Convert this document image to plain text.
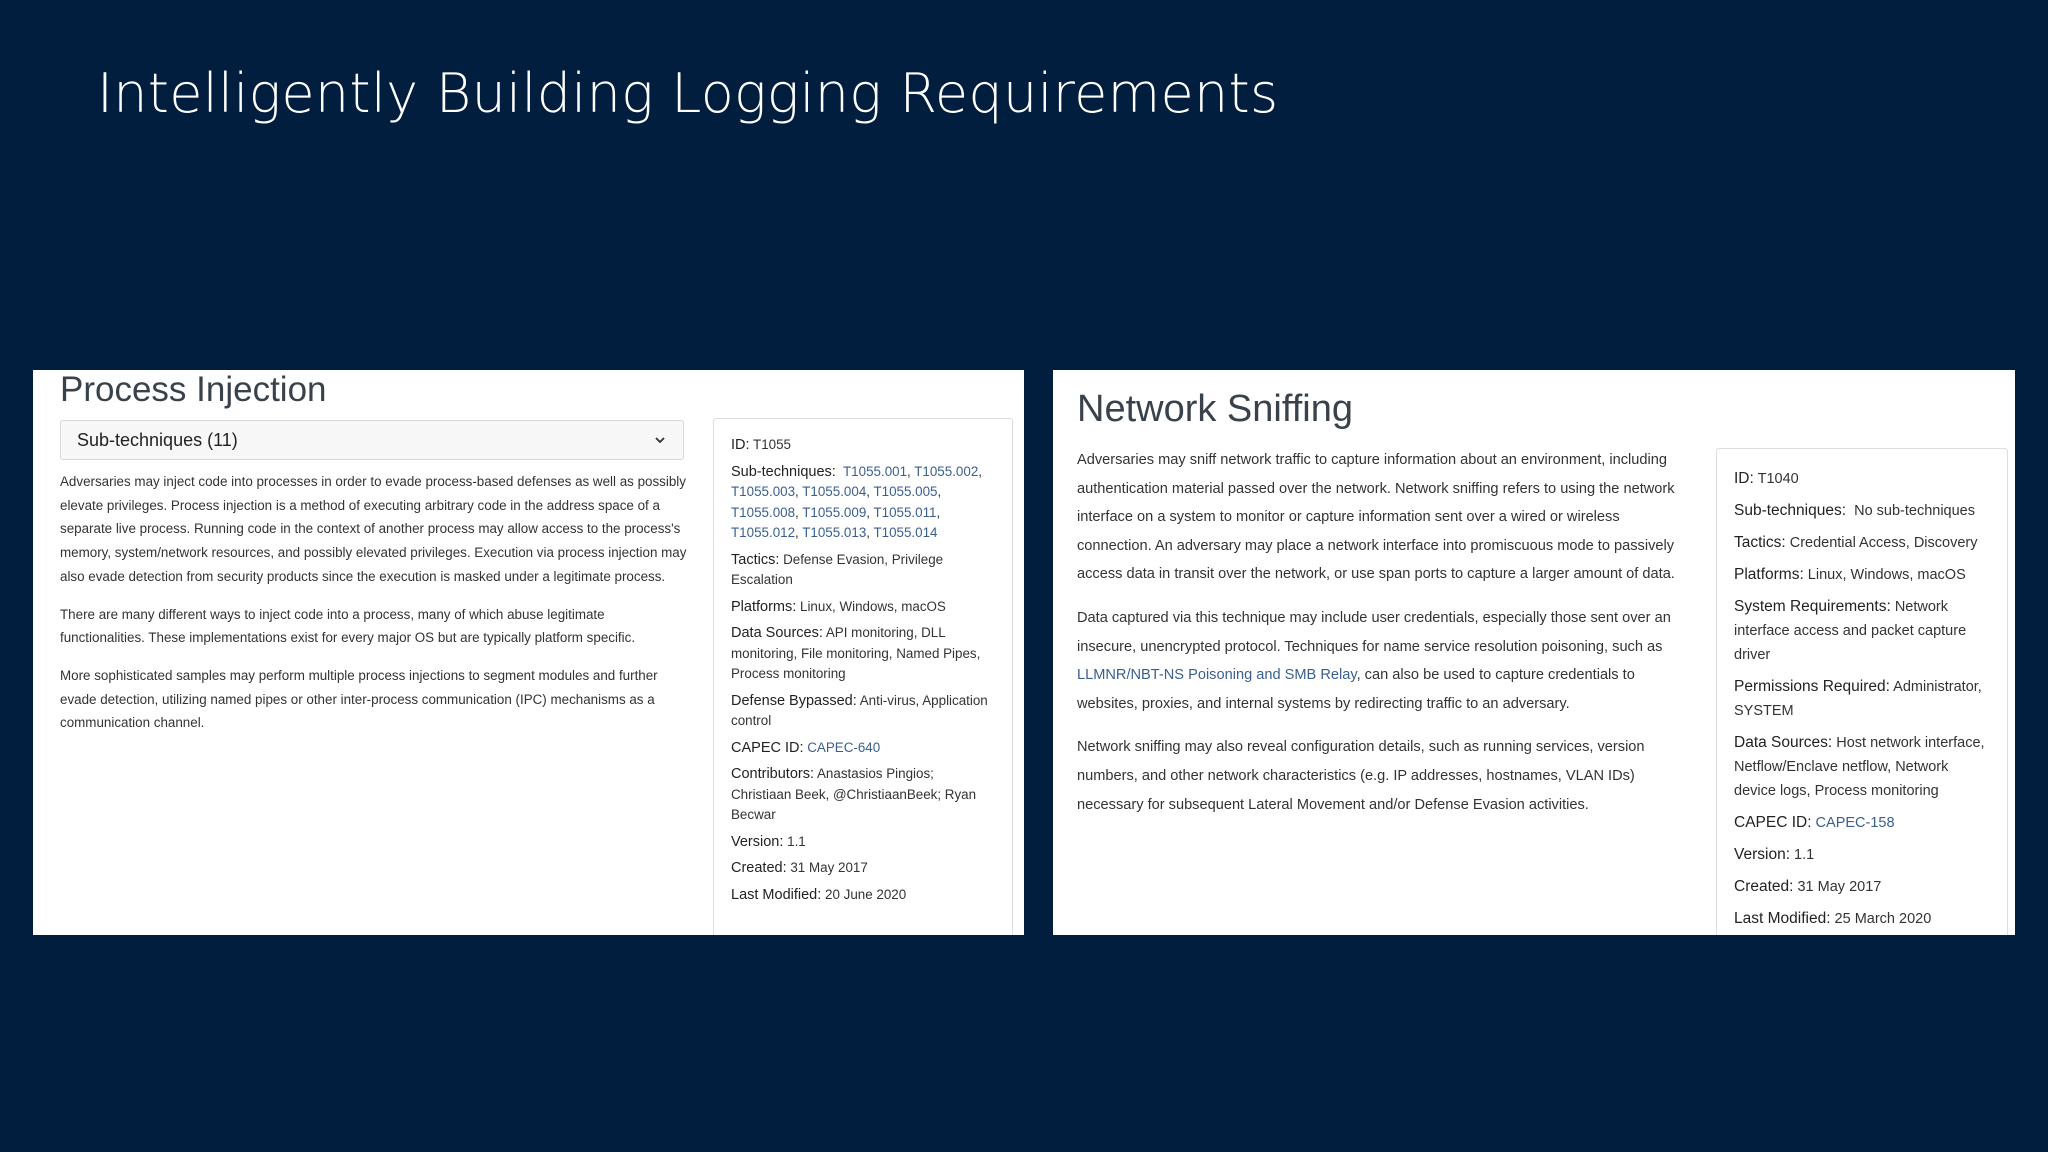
Intelligently Building Logging Requirements
Process Injection
Sub-techniques (11)

Adversaries may inject code into processes in order to evade process-based defenses as well as possibly elevate privileges. Process injection is a method of executing arbitrary code in the address space of a separate live process. Running code in the context of another process may allow access to the process's memory, system/network resources, and possibly elevated privileges. Execution via process injection may also evade detection from security products since the execution is masked under a legitimate process.

There are many different ways to inject code into a process, many of which abuse legitimate functionalities. These implementations exist for every major OS but are typically platform specific.

More sophisticated samples may perform multiple process injections to segment modules and further evade detection, utilizing named pipes or other inter-process communication (IPC) mechanisms as a communication channel.

ID: T1055
Sub-techniques: T1055.001, T1055.002, T1055.003, T1055.004, T1055.005, T1055.008, T1055.009, T1055.011, T1055.012, T1055.013, T1055.014
Tactics: Defense Evasion, Privilege Escalation
Platforms: Linux, Windows, macOS
Data Sources: API monitoring, DLL monitoring, File monitoring, Named Pipes, Process monitoring
Defense Bypassed: Anti-virus, Application control
CAPEC ID: CAPEC-640
Contributors: Anastasios Pingios; Christiaan Beek, @ChristiaanBeek; Ryan Becwar
Version: 1.1
Created: 31 May 2017
Last Modified: 20 June 2020
Network Sniffing

Adversaries may sniff network traffic to capture information about an environment, including authentication material passed over the network. Network sniffing refers to using the network interface on a system to monitor or capture information sent over a wired or wireless connection. An adversary may place a network interface into promiscuous mode to passively access data in transit over the network, or use span ports to capture a larger amount of data.

Data captured via this technique may include user credentials, especially those sent over an insecure, unencrypted protocol. Techniques for name service resolution poisoning, such as LLMNR/NBT-NS Poisoning and SMB Relay, can also be used to capture credentials to websites, proxies, and internal systems by redirecting traffic to an adversary.

Network sniffing may also reveal configuration details, such as running services, version numbers, and other network characteristics (e.g. IP addresses, hostnames, VLAN IDs) necessary for subsequent Lateral Movement and/or Defense Evasion activities.

ID: T1040
Sub-techniques: No sub-techniques
Tactics: Credential Access, Discovery
Platforms: Linux, Windows, macOS
System Requirements: Network interface access and packet capture driver
Permissions Required: Administrator, SYSTEM
Data Sources: Host network interface, Netflow/Enclave netflow, Network device logs, Process monitoring
CAPEC ID: CAPEC-158
Version: 1.1
Created: 31 May 2017
Last Modified: 25 March 2020
